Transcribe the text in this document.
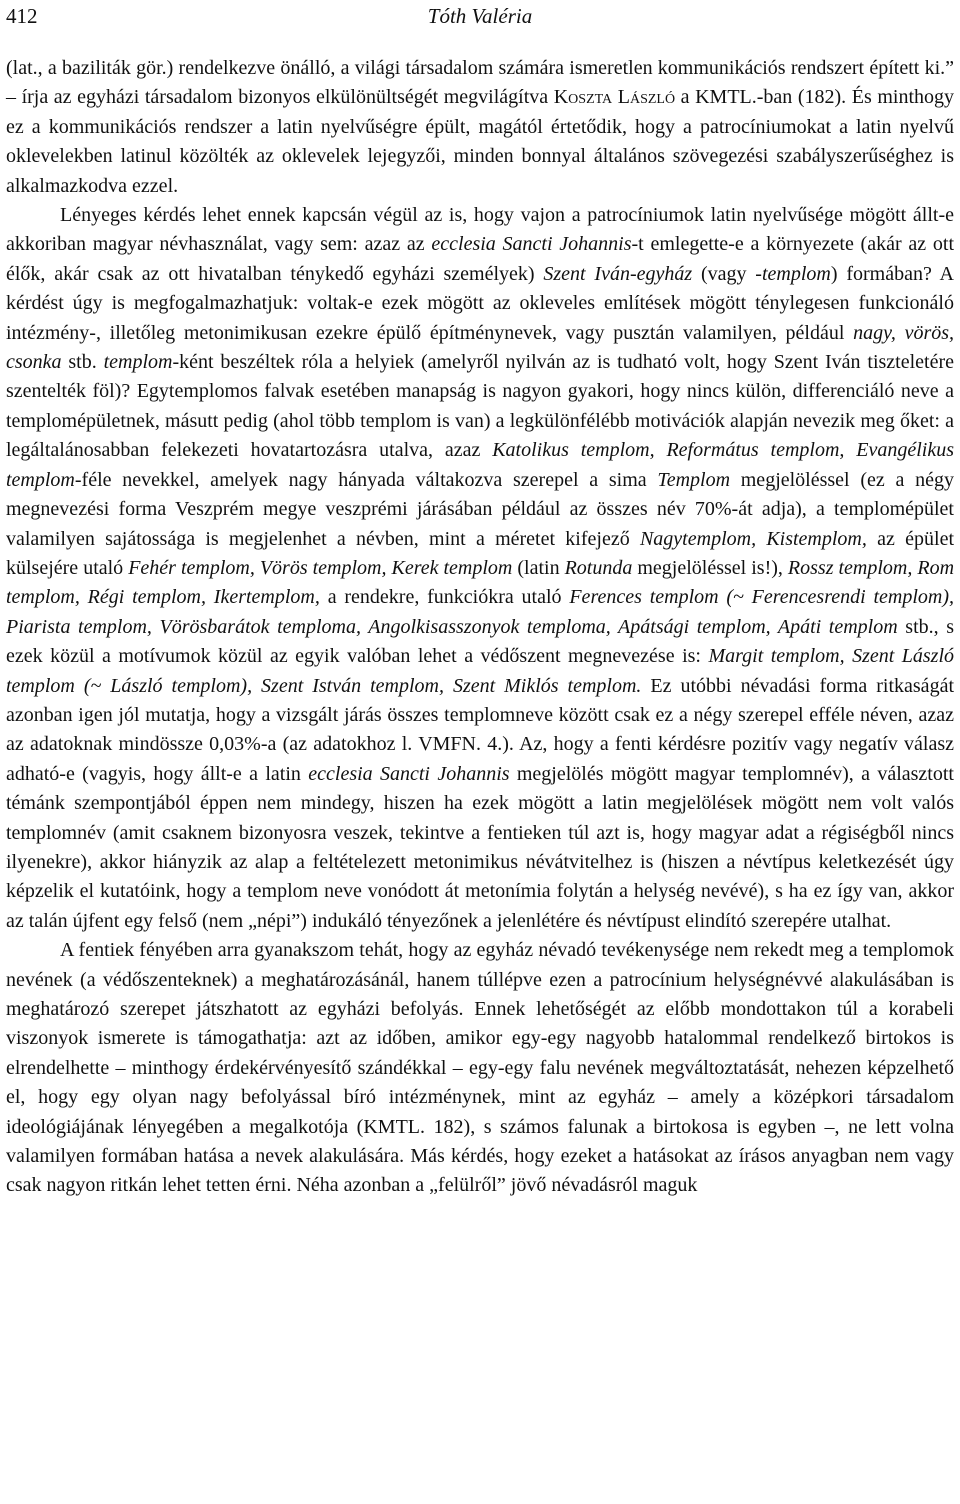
412	Tóth Valéria

(lat., a baziliták gör.) rendelkezve önálló, a világi társadalom számára ismeretlen kommunikációs rendszert épített ki.” – írja az egyházi társadalom bizonyos elkülönültségét megvilágítva Koszta László a KMTL.-ban (182). És minthogy ez a kommunikációs rendszer a latin nyelvűségre épült, magától értetődik, hogy a patrocíniumokat a latin nyelvű oklevelekben latinul közölték az oklevelek lejegyzői, minden bonnyal általános szövegezési szabályszerűséghez is alkalmazkodva ezzel.

Lényeges kérdés lehet ennek kapcsán végül az is, hogy vajon a patrocíniumok latin nyelvűsége mögött állt-e akkoriban magyar névhasználat, vagy sem: azaz az ecclesia Sancti Johannis-t emlegette-e a környezete (akár az ott élők, akár csak az ott hivatalban ténykedő egyházi személyek) Szent Iván-egyház (vagy -templom) formában? A kérdést úgy is megfogalmazhatjuk: voltak-e ezek mögött az okleveles említések mögött ténylegesen funkcionáló intézmény-, illetőleg metonimikusan ezekre épülő építménynevek, vagy pusztán valamilyen, például nagy, vörös, csonka stb. templom-ként beszéltek róla a helyiek (amelyről nyilván az is tudható volt, hogy Szent Iván tiszteletére szentelték föl)? Egytemplomos falvak esetében manapság is nagyon gyakori, hogy nincs külön, differenciáló neve a templomépületnek, másutt pedig (ahol több templom is van) a legkülönfélébb motivációk alapján nevezik meg őket: a legáltalánosabban felekezeti hovatartozásra utalva, azaz Katolikus templom, Református templom, Evangélikus templom-féle nevekkel, amelyek nagy hányada váltakozva szerepel a sima Templom megjelöléssel (ez a négy megnevezési forma Veszprém megye veszprémi járásában például az összes név 70%-át adja), a templomépület valamilyen sajátossága is megjelenhet a névben, mint a méretet kifejező Nagytemplom, Kistemplom, az épület külsejére utaló Fehér templom, Vörös templom, Kerek templom (latin Rotunda megjelöléssel is!), Rossz templom, Rom templom, Régi templom, Ikertemplom, a rendekre, funkciókra utaló Ferences templom (~ Ferencesrendi templom), Piarista templom, Vörösbarátok temploma, Angolkisasszonyok temploma, Apátsági templom, Apáti templom stb., s ezek közül a motívumok közül az egyik valóban lehet a védőszent megnevezése is: Margit templom, Szent László templom (~ László templom), Szent István templom, Szent Miklós templom. Ez utóbbi névadási forma ritkaságát azonban igen jól mutatja, hogy a vizsgált járás összes templomneve között csak ez a négy szerepel efféle néven, azaz az adatoknak mindössze 0,03%-a (az adatokhoz l. VMFN. 4.). Az, hogy a fenti kérdésre pozitív vagy negatív válasz adható-e (vagyis, hogy állt-e a latin ecclesia Sancti Johannis megjelölés mögött magyar templomnév), a választott témánk szempontjából éppen nem mindegy, hiszen ha ezek mögött a latin megjelölések mögött nem volt valós templomnév (amit csaknem bizonyosra veszek, tekintve a fentieken túl azt is, hogy magyar adat a régiségből nincs ilyenekre), akkor hiányzik az alap a feltételezett metonimikus névátvitelhez is (hiszen a névtípus keletkezését úgy képzelik el kutatóink, hogy a templom neve vonódott át metonímia folytán a helység nevévé), s ha ez így van, akkor az talán újfent egy felső (nem „népi”) indukáló tényezőnek a jelenlétére és névtípust elindító szerepére utalhat.

A fentiek fényében arra gyanakszom tehát, hogy az egyház névadó tevékenysége nem rekedt meg a templomok nevének (a védőszenteknek) a meghatározásánál, hanem túllépve ezen a patrocínium helységnévvé alakulásában is meghatározó szerepet játszhatott az egyházi befolyás. Ennek lehetőségét az előbb mondottakon túl a korabeli viszonyok ismerete is támogathatja: azt az időben, amikor egy-egy nagyobb hatalommal rendelkező birtokos is elrendelhette – minthogy érdekérvényesítő szándékkal – egy-egy falu nevének megváltoztatását, nehezen képzelhető el, hogy egy olyan nagy befolyással bíró intézménynek, mint az egyház – amely a középkori társadalom ideológiájának lényegében a megalkotója (KMTL. 182), s számos falunak a birtokosa is egyben –, ne lett volna valamilyen formában hatása a nevek alakulására. Más kérdés, hogy ezeket a hatásokat az írásos anyagban nem vagy csak nagyon ritkán lehet tetten érni. Néha azonban a „felülről” jövő névadásról maguk
